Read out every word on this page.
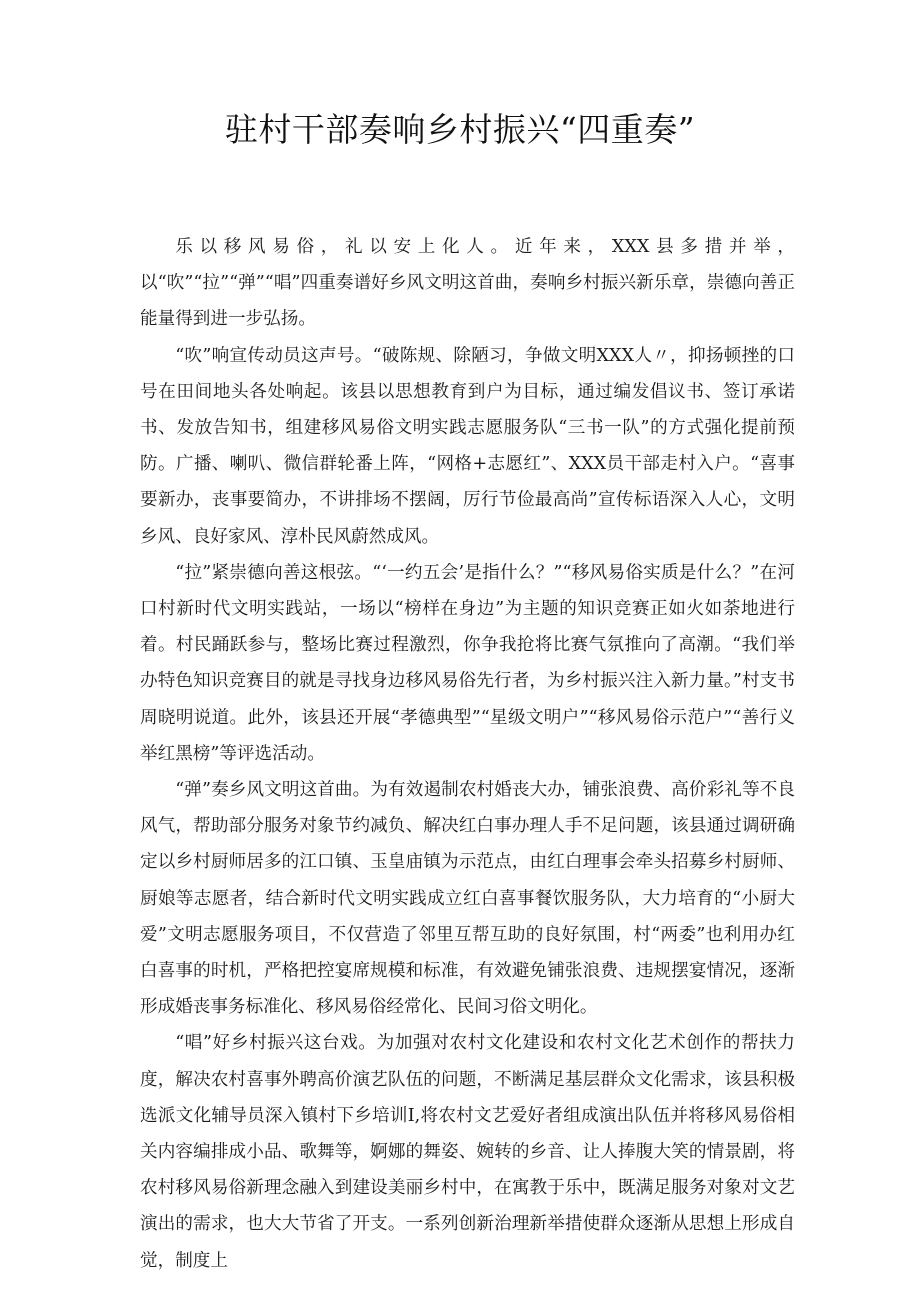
驻村干部奏响乡村振兴“四重奏”

乐以移风易俗，礼以安上化人。近年来，XXX县多措并举，以“吹”“拉”“弹”“唱”四重奏谱好乡风文明这首曲，奏响乡村振兴新乐章，崇德向善正能量得到进一步弘扬。

“吹”响宣传动员这声号。“破陈规、除陋习，争做文明XXX人〃，抑扬顿挫的口号在田间地头各处响起。该县以思想教育到户为目标，通过编发倡议书、签订承诺书、发放告知书，组建移风易俗文明实践志愿服务队“三书一队”的方式强化提前预防。广播、喇叭、微信群轮番上阵，“网格+志愿红”、XXX员干部走村入户。“喜事要新办，丧事要简办，不讲排场不摆阔，厉行节俭最高尚”宣传标语深入人心，文明乡风、良好家风、淳朴民风蔚然成风。

“拉”紧崇德向善这根弦。“‘一约五会’是指什么？”“移风易俗实质是什么？”在河口村新时代文明实践站，一场以“榜样在身边”为主题的知识竞赛正如火如荼地进行着。村民踊跃参与，整场比赛过程激烈，你争我抢将比赛气氛推向了高潮。“我们举办特色知识竞赛目的就是寻找身边移风易俗先行者，为乡村振兴注入新力量。”村支书周晓明说道。此外，该县还开展“孝德典型”“星级文明户”“移风易俗示范户”“善行义举红黑榜”等评选活动。

“弹”奏乡风文明这首曲。为有效遏制农村婚丧大办，铺张浪费、高价彩礼等不良风气，帮助部分服务对象节约减负、解决红白事办理人手不足问题，该县通过调研确定以乡村厨师居多的江口镇、玉皇庙镇为示范点，由红白理事会牵头招募乡村厨师、厨娘等志愿者，结合新时代文明实践成立红白喜事餐饮服务队，大力培育的“小厨大爱”文明志愿服务项目，不仅营造了邻里互帮互助的良好氛围，村“两委”也利用办红白喜事的时机，严格把控宴席规模和标准，有效避免铺张浪费、违规摆宴情况，逐渐形成婚丧事务标准化、移风易俗经常化、民间习俗文明化。

“唱”好乡村振兴这台戏。为加强对农村文化建设和农村文化艺术创作的帮扶力度，解决农村喜事外聘高价演艺队伍的问题，不断满足基层群众文化需求，该县积极选派文化辅导员深入镇村下乡培训I,将农村文艺爱好者组成演出队伍并将移风易俗相关内容编排成小品、歌舞等，婀娜的舞姿、婉转的乡音、让人捧腹大笑的情景剧，将农村移风易俗新理念融入到建设美丽乡村中，在寓教于乐中，既满足服务对象对文艺演出的需求，也大大节省了开支。一系列创新治理新举措使群众逐渐从思想上形成自觉，制度上
